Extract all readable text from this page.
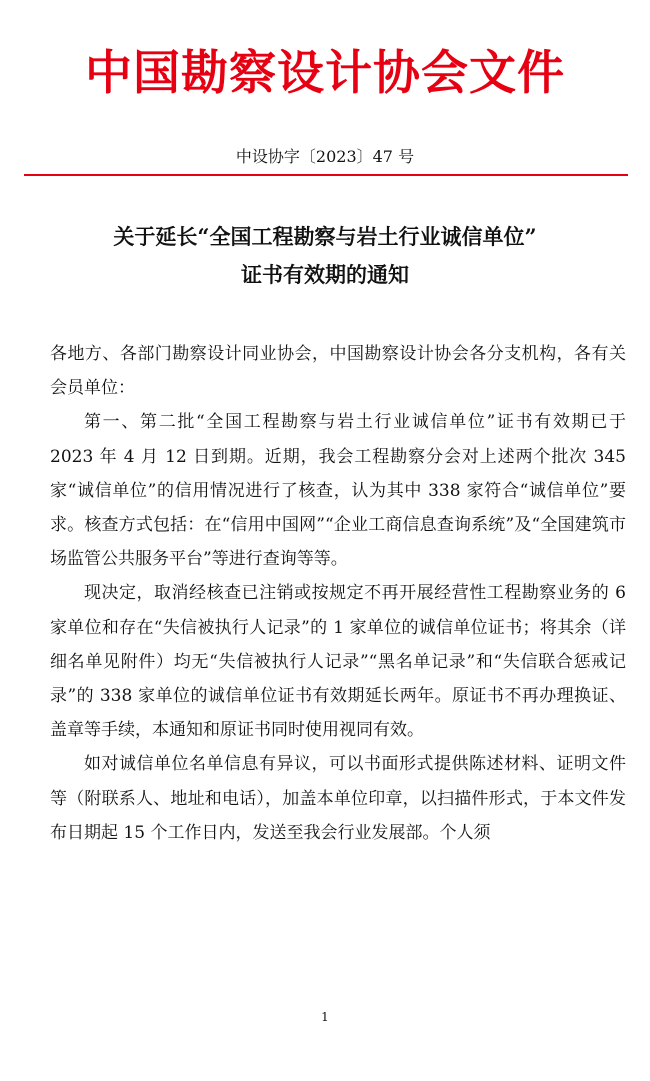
中国勘察设计协会文件
中设协字〔2023〕47 号
关于延长“全国工程勘察与岩土行业诚信单位”
证书有效期的通知

各地方、各部门勘察设计同业协会，中国勘察设计协会各分支机构，各有关会员单位：

第一、第二批“全国工程勘察与岩土行业诚信单位”证书有效期已于 2023 年 4 月 12 日到期。近期，我会工程勘察分会对上述两个批次 345 家“诚信单位”的信用情况进行了核查，认为其中 338 家符合“诚信单位”要求。核查方式包括：在“信用中国网”“企业工商信息查询系统”及“全国建筑市场监管公共服务平台”等进行查询等等。

现决定，取消经核查已注销或按规定不再开展经营性工程勘察业务的 6 家单位和存在“失信被执行人记录”的 1 家单位的诚信单位证书；将其余（详细名单见附件）均无“失信被执行人记录”“黑名单记录”和“失信联合惩戒记录”的 338 家单位的诚信单位证书有效期延长两年。原证书不再办理换证、盖章等手续，本通知和原证书同时使用视同有效。

如对诚信单位名单信息有异议，可以书面形式提供陈述材料、证明文件等（附联系人、地址和电话），加盖本单位印章，以扫描件形式，于本文件发布日期起 15 个工作日内，发送至我会行业发展部。个人须

1
